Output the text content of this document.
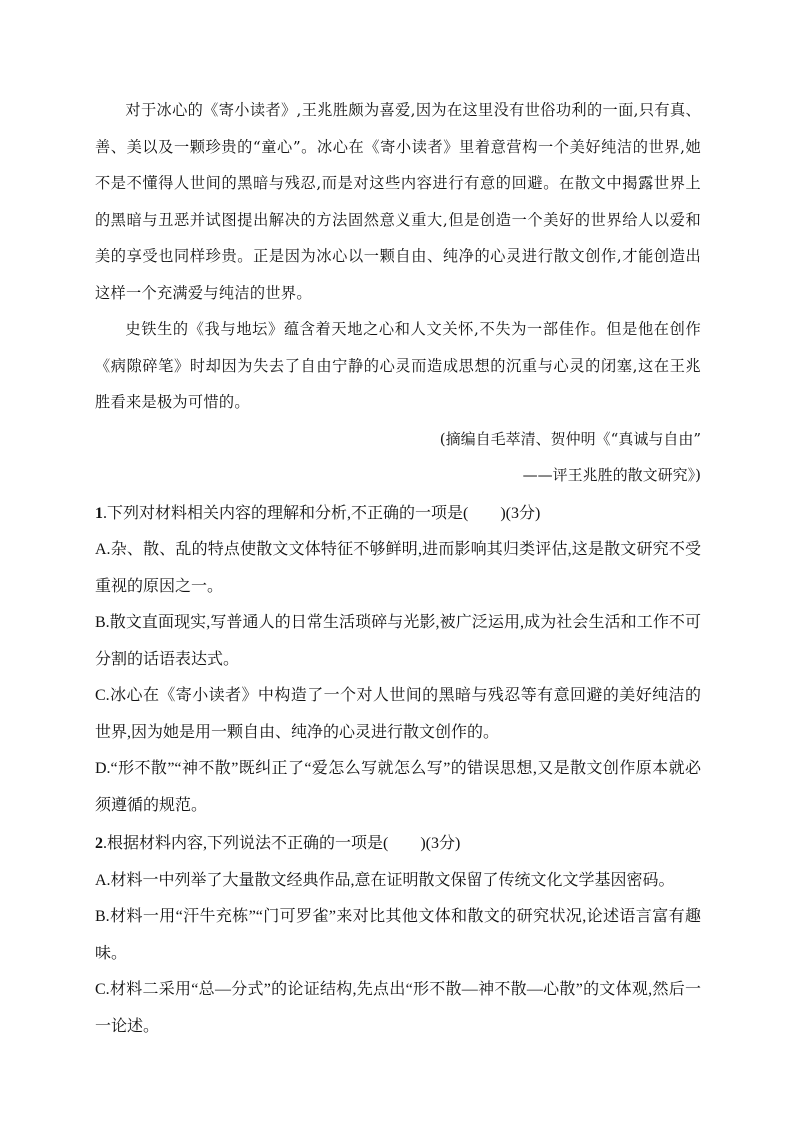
对于冰心的《寄小读者》,王兆胜颇为喜爱,因为在这里没有世俗功利的一面,只有真、善、美以及一颗珍贵的“童心”。冰心在《寄小读者》里着意营构一个美好纯洁的世界,她不是不懂得人世间的黑暗与残忍,而是对这些内容进行有意的回避。在散文中揭露世界上的黑暗与丑恶并试图提出解决的方法固然意义重大,但是创造一个美好的世界给人以爱和美的享受也同样珍贵。正是因为冰心以一颗自由、纯净的心灵进行散文创作,才能创造出这样一个充满爱与纯洁的世界。

史铁生的《我与地坛》蕴含着天地之心和人文关怀,不失为一部佳作。但是他在创作《病隙碎笔》时却因为失去了自由宁静的心灵而造成思想的沉重与心灵的闭塞,这在王兆胜看来是极为可惜的。

(摘编自毛萃清、贺仲明《“真诚与自由”
——评王兆胜的散文研究》)

1.下列对材料相关内容的理解和分析,不正确的一项是(  )(3分)

A.杂、散、乱的特点使散文文体特征不够鲜明,进而影响其归类评估,这是散文研究不受重视的原因之一。

B.散文直面现实,写普通人的日常生活琐碎与光影,被广泛运用,成为社会生活和工作不可分割的话语表达式。

C.冰心在《寄小读者》中构造了一个对人世间的黑暗与残忍等有意回避的美好纯洁的世界,因为她是用一颗自由、纯净的心灵进行散文创作的。

D.“形不散”“神不散”既纠正了“爱怎么写就怎么写”的错误思想,又是散文创作原本就必须遵循的规范。

2.根据材料内容,下列说法不正确的一项是(  )(3分)

A.材料一中列举了大量散文经典作品,意在证明散文保留了传统文化文学基因密码。

B.材料一用“汗牛充栋”“门可罗雀”来对比其他文体和散文的研究状况,论述语言富有趣味。

C.材料二采用“总—分式”的论证结构,先点出“形不散—神不散—心散”的文体观,然后一一论述。
